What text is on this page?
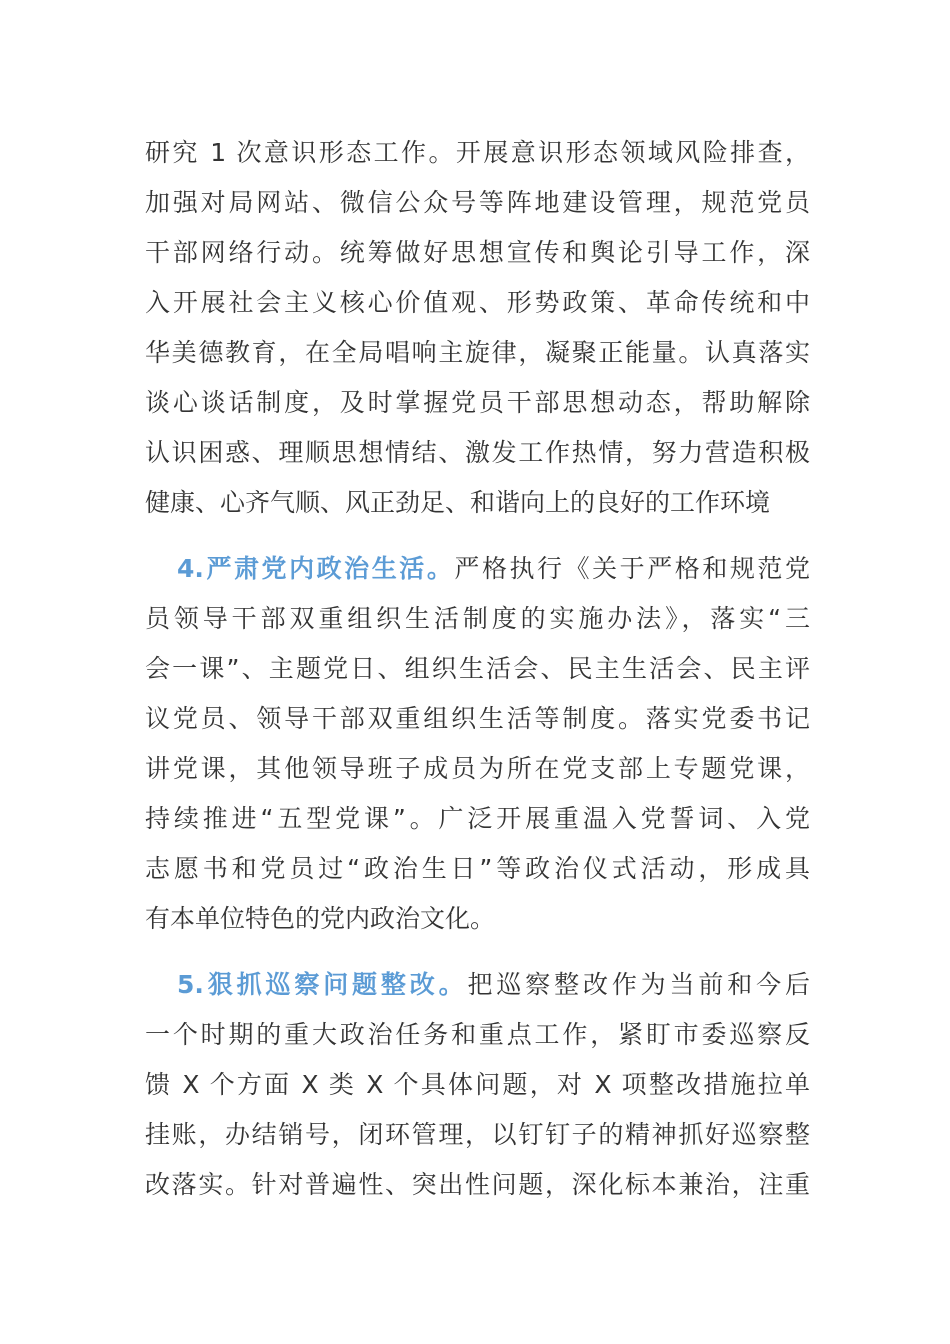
研究 1 次意识形态工作。开展意识形态领域风险排查，
加强对局网站、微信公众号等阵地建设管理，规范党员
干部网络行动。统筹做好思想宣传和舆论引导工作，深
入开展社会主义核心价值观、形势政策、革命传统和中
华美德教育，在全局唱响主旋律，凝聚正能量。认真落实
谈心谈话制度，及时掌握党员干部思想动态，帮助解除
认识困惑、理顺思想情结、激发工作热情，努力营造积极
健康、心齐气顺、风正劲足、和谐向上的良好的工作环境
4.严肃党内政治生活。严格执行《关于严格和规范党
员领导干部双重组织生活制度的实施办法》，落实“三
会一课”、主题党日、组织生活会、民主生活会、民主评
议党员、领导干部双重组织生活等制度。落实党委书记
讲党课，其他领导班子成员为所在党支部上专题党课，
持续推进“五型党课”。广泛开展重温入党誓词、入党
志愿书和党员过“政治生日”等政治仪式活动，形成具
有本单位特色的党内政治文化。
5.狠抓巡察问题整改。把巡察整改作为当前和今后
一个时期的重大政治任务和重点工作，紧盯市委巡察反
馈 X 个方面 X 类 X 个具体问题，对 X 项整改措施拉单
挂账，办结销号，闭环管理，以钉钉子的精神抓好巡察整
改落实。针对普遍性、突出性问题，深化标本兼治，注重
